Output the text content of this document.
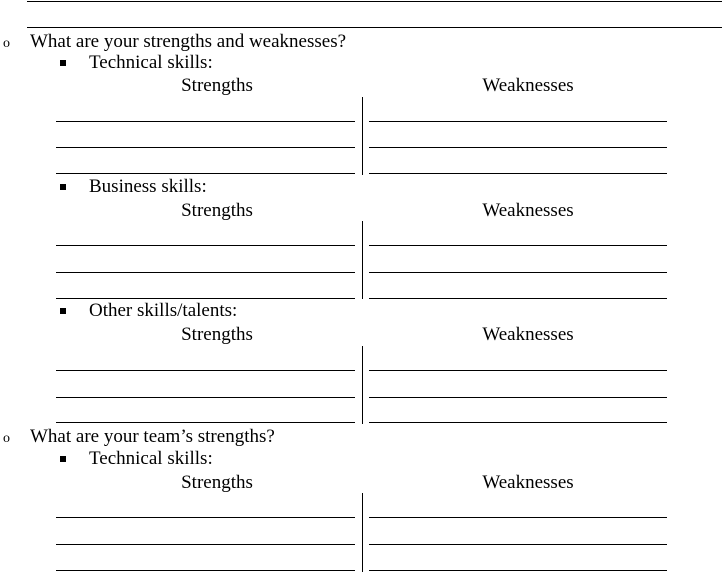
o What are your strengths and weaknesses?
Technical skills:
Strengths	Weaknesses
Business skills:
Strengths	Weaknesses
Other skills/talents:
Strengths	Weaknesses
o What are your team’s strengths?
Technical skills:
Strengths	Weaknesses
